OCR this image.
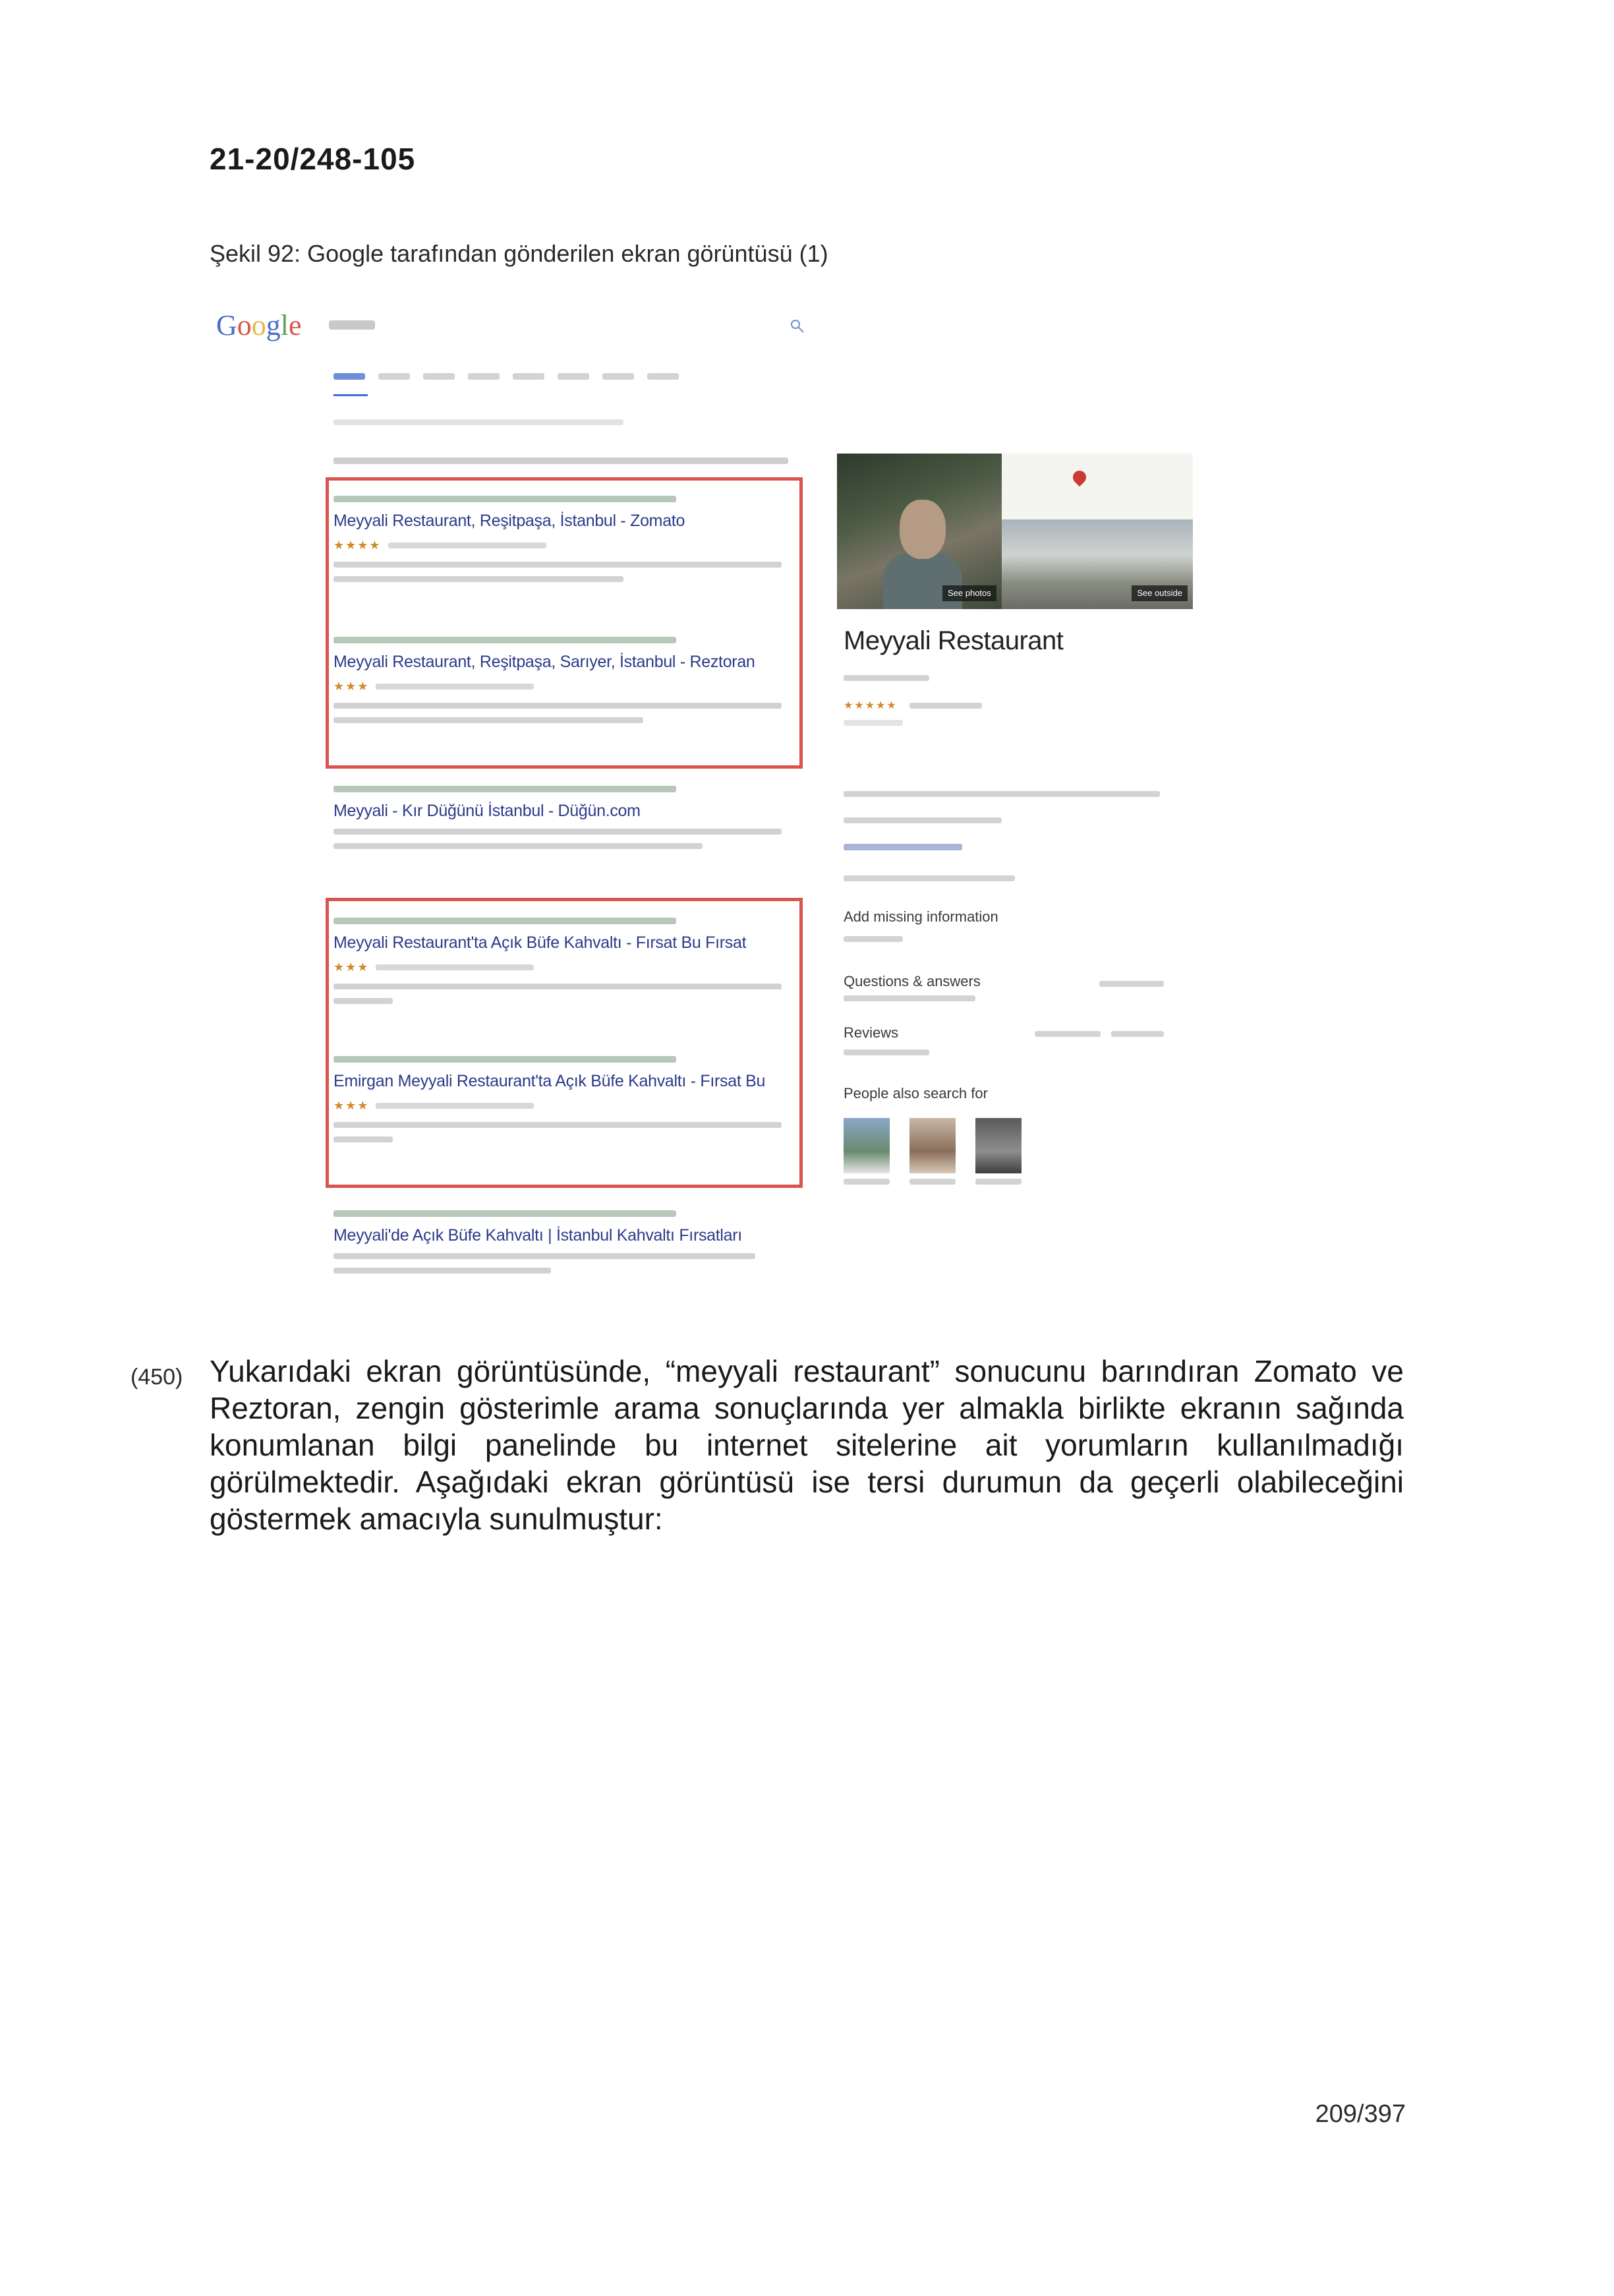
21-20/248-105
Şekil 92: Google tarafından gönderilen ekran görüntüsü (1)
Google
Meyyali Restaurant, Reşitpaşa, İstanbul - Zomato
★★★★
Meyyali Restaurant, Reşitpaşa, Sarıyer, İstanbul - Reztoran
★★★
Meyyali - Kır Düğünü İstanbul - Düğün.com
Meyyali Restaurant'ta Açık Büfe Kahvaltı - Fırsat Bu Fırsat
★★★
Emirgan Meyyali Restaurant'ta Açık Büfe Kahvaltı - Fırsat Bu
★★★
Meyyali'de Açık Büfe Kahvaltı | İstanbul Kahvaltı Fırsatları
See photos	See outside
Meyyali Restaurant
★★★★★
Add missing information
Questions & answers
Reviews
People also search for
(450) Yukarıdaki ekran görüntüsünde, “meyyali restaurant” sonucunu barındıran Zomato ve Reztoran, zengin gösterimle arama sonuçlarında yer almakla birlikte ekranın sağında konumlanan bilgi panelinde bu internet sitelerine ait yorumların kullanılmadığı görülmektedir. Aşağıdaki ekran görüntüsü ise tersi durumun da geçerli olabileceğini göstermek amacıyla sunulmuştur:
209/397
